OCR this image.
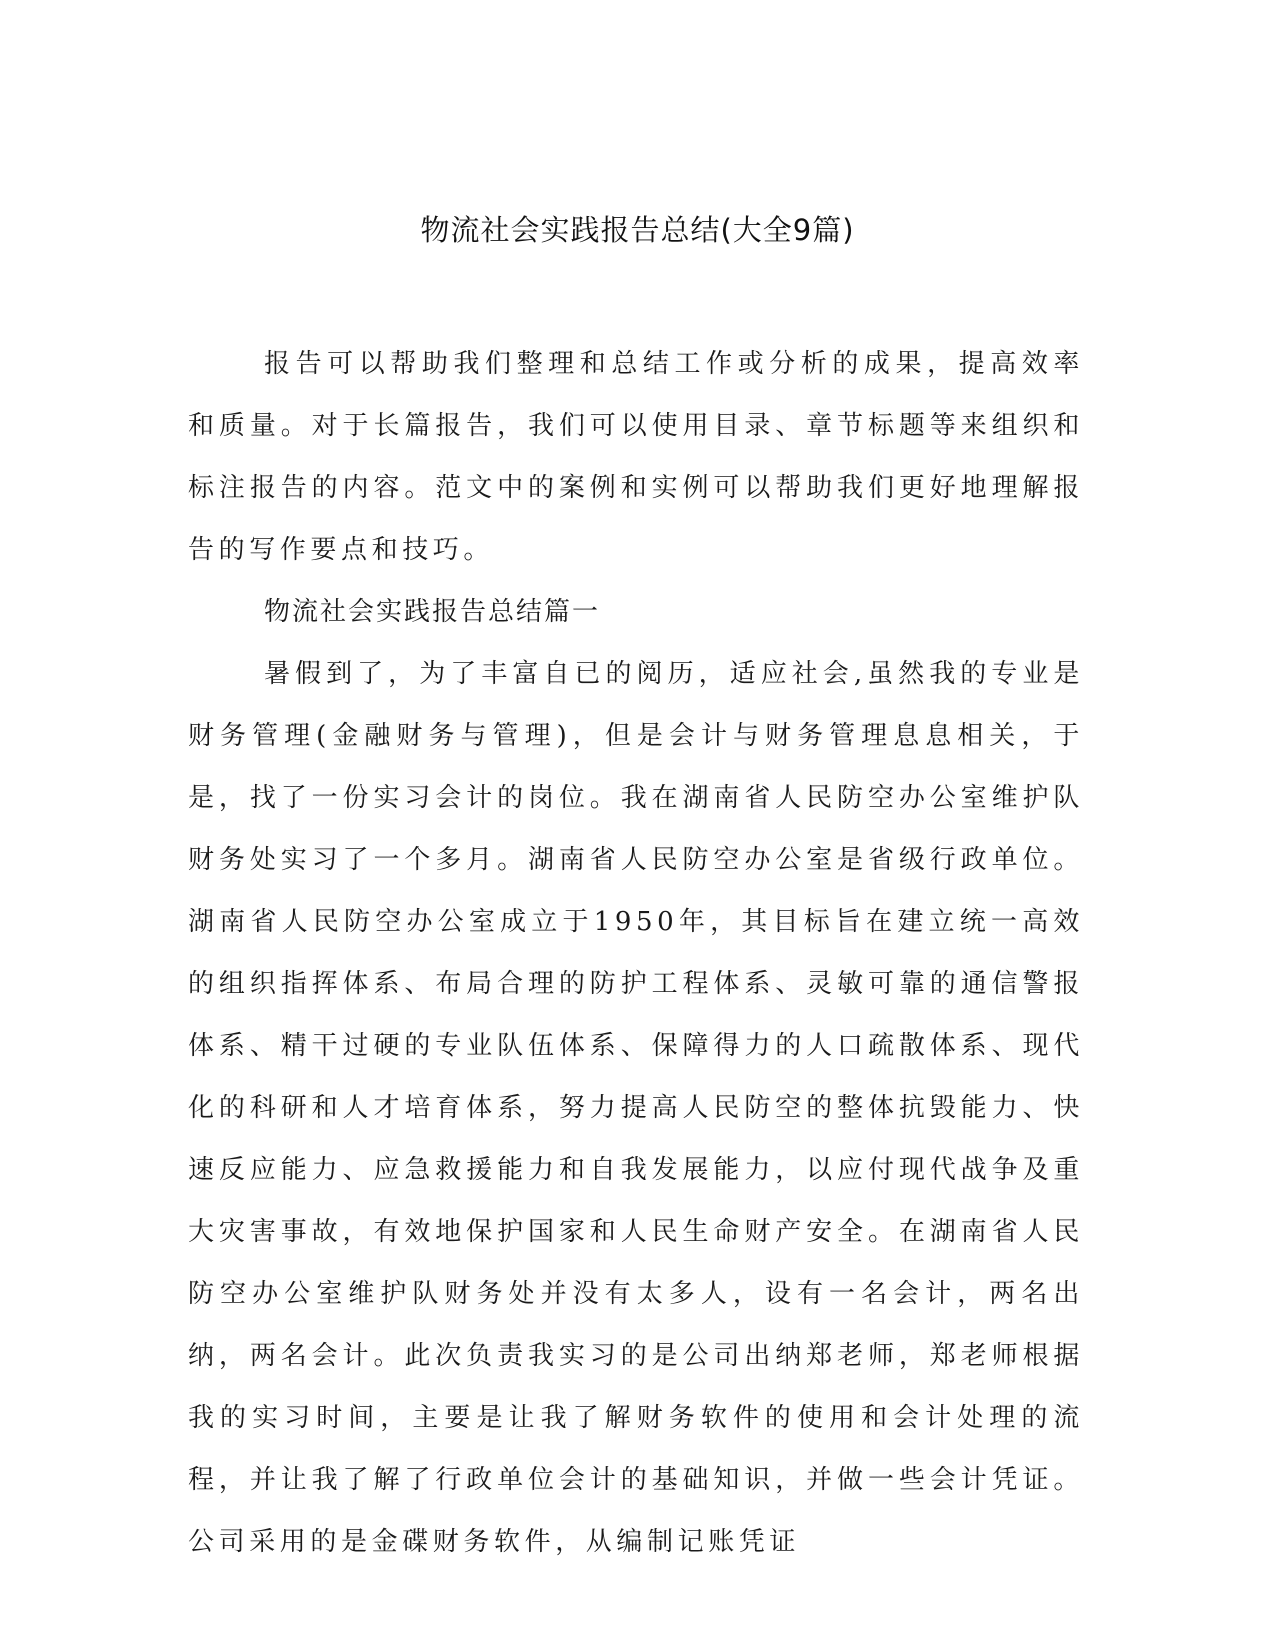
物流社会实践报告总结(大全9篇)

报告可以帮助我们整理和总结工作或分析的成果，提高效率和质量。对于长篇报告，我们可以使用目录、章节标题等来组织和标注报告的内容。范文中的案例和实例可以帮助我们更好地理解报告的写作要点和技巧。

物流社会实践报告总结篇一

暑假到了，为了丰富自已的阅历，适应社会,虽然我的专业是财务管理(金融财务与管理)，但是会计与财务管理息息相关，于是，找了一份实习会计的岗位。我在湖南省人民防空办公室维护队财务处实习了一个多月。湖南省人民防空办公室是省级行政单位。湖南省人民防空办公室成立于1950年，其目标旨在建立统一高效的组织指挥体系、布局合理的防护工程体系、灵敏可靠的通信警报体系、精干过硬的专业队伍体系、保障得力的人口疏散体系、现代化的科研和人才培育体系，努力提高人民防空的整体抗毁能力、快速反应能力、应急救援能力和自我发展能力，以应付现代战争及重大灾害事故，有效地保护国家和人民生命财产安全。在湖南省人民防空办公室维护队财务处并没有太多人，设有一名会计，两名出纳，两名会计。此次负责我实习的是公司出纳郑老师，郑老师根据我的实习时间，主要是让我了解财务软件的使用和会计处理的流程，并让我了解了行政单位会计的基础知识，并做一些会计凭证。公司采用的是金碟财务软件，从编制记账凭证
